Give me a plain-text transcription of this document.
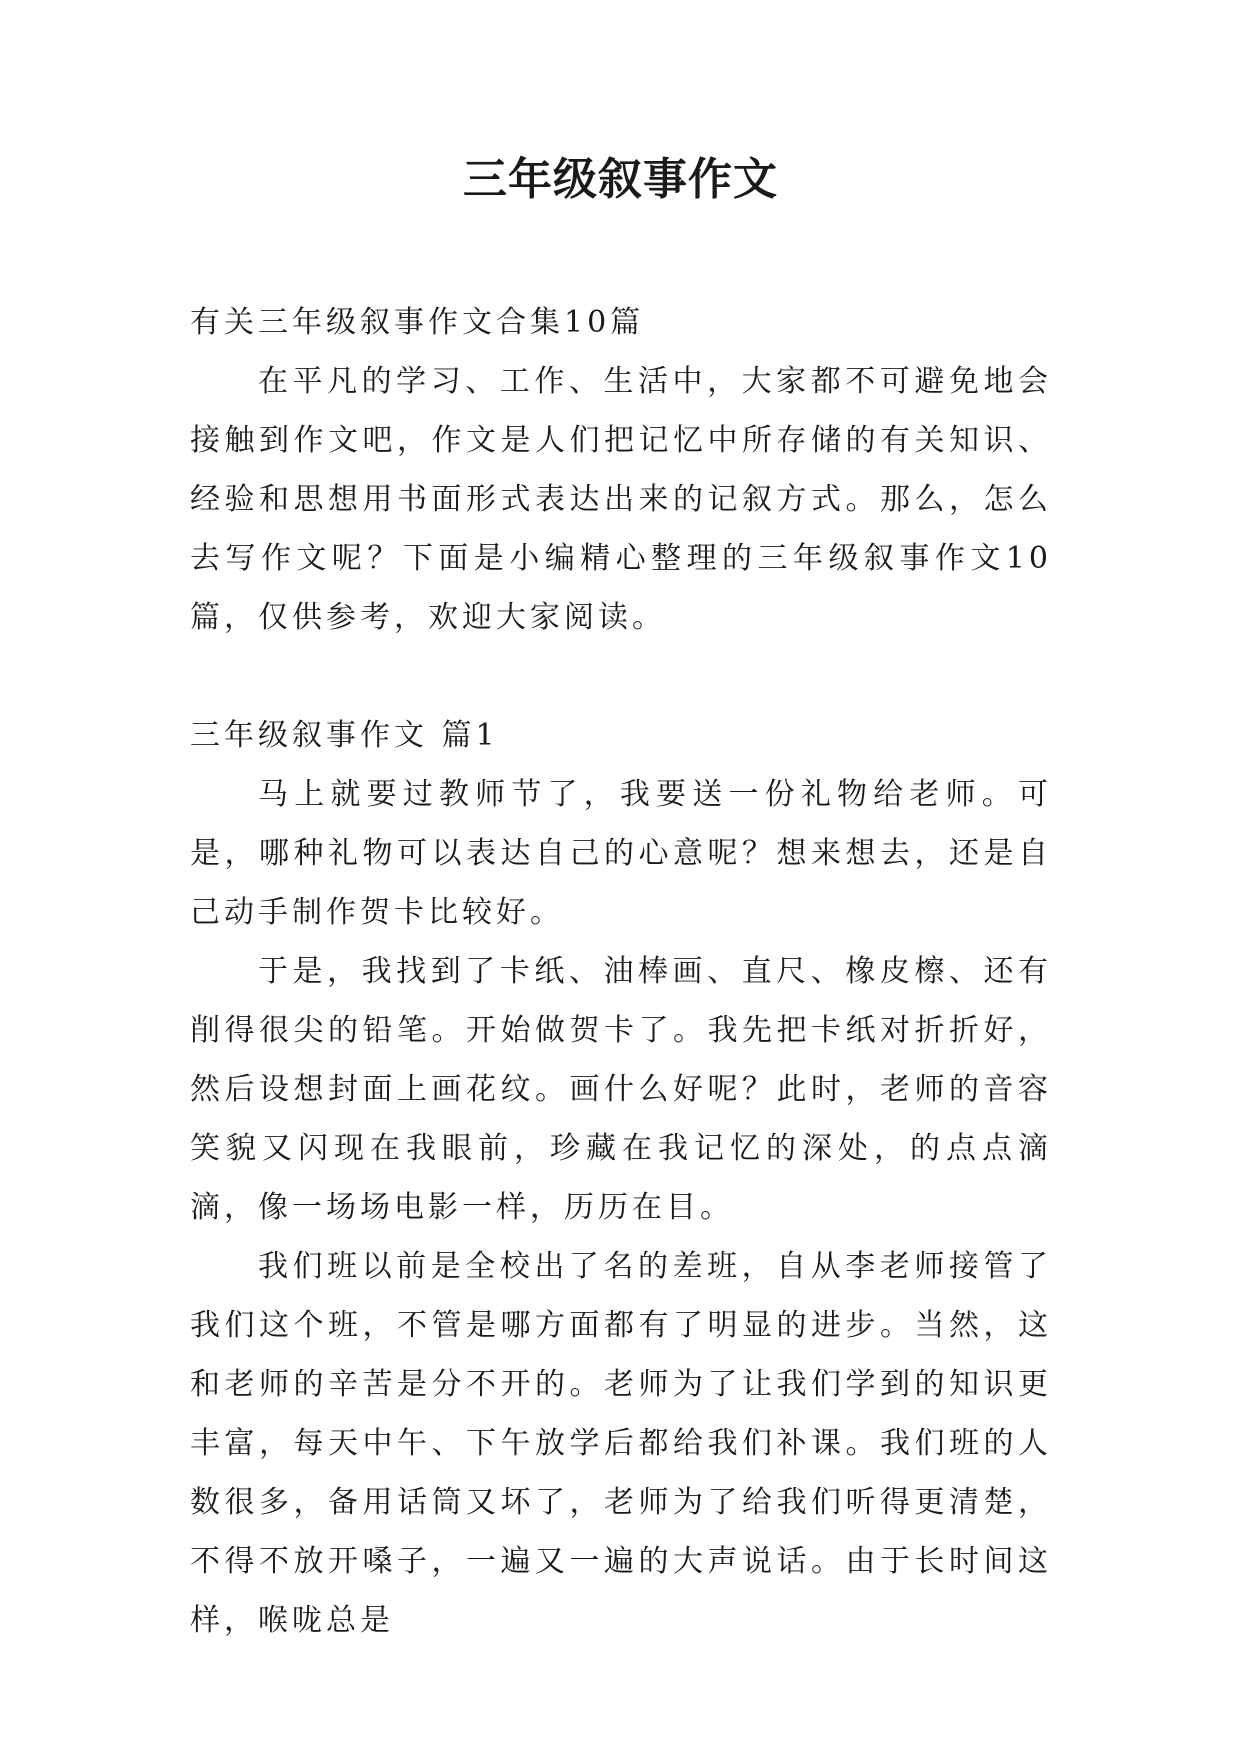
三年级叙事作文

有关三年级叙事作文合集10篇

在平凡的学习、工作、生活中，大家都不可避免地会接触到作文吧，作文是人们把记忆中所存储的有关知识、经验和思想用书面形式表达出来的记叙方式。那么，怎么去写作文呢？下面是小编精心整理的三年级叙事作文10篇，仅供参考，欢迎大家阅读。

三年级叙事作文 篇1

马上就要过教师节了，我要送一份礼物给老师。可是，哪种礼物可以表达自己的心意呢？想来想去，还是自己动手制作贺卡比较好。

于是，我找到了卡纸、油棒画、直尺、橡皮檫、还有削得很尖的铅笔。开始做贺卡了。我先把卡纸对折折好，然后设想封面上画花纹。画什么好呢？此时，老师的音容笑貌又闪现在我眼前，珍藏在我记忆的深处，的点点滴滴，像一场场电影一样，历历在目。

我们班以前是全校出了名的差班，自从李老师接管了我们这个班，不管是哪方面都有了明显的进步。当然，这和老师的辛苦是分不开的。老师为了让我们学到的知识更丰富，每天中午、下午放学后都给我们补课。我们班的人数很多，备用话筒又坏了，老师为了给我们听得更清楚，不得不放开嗓子，一遍又一遍的大声说话。由于长时间这样，喉咙总是
